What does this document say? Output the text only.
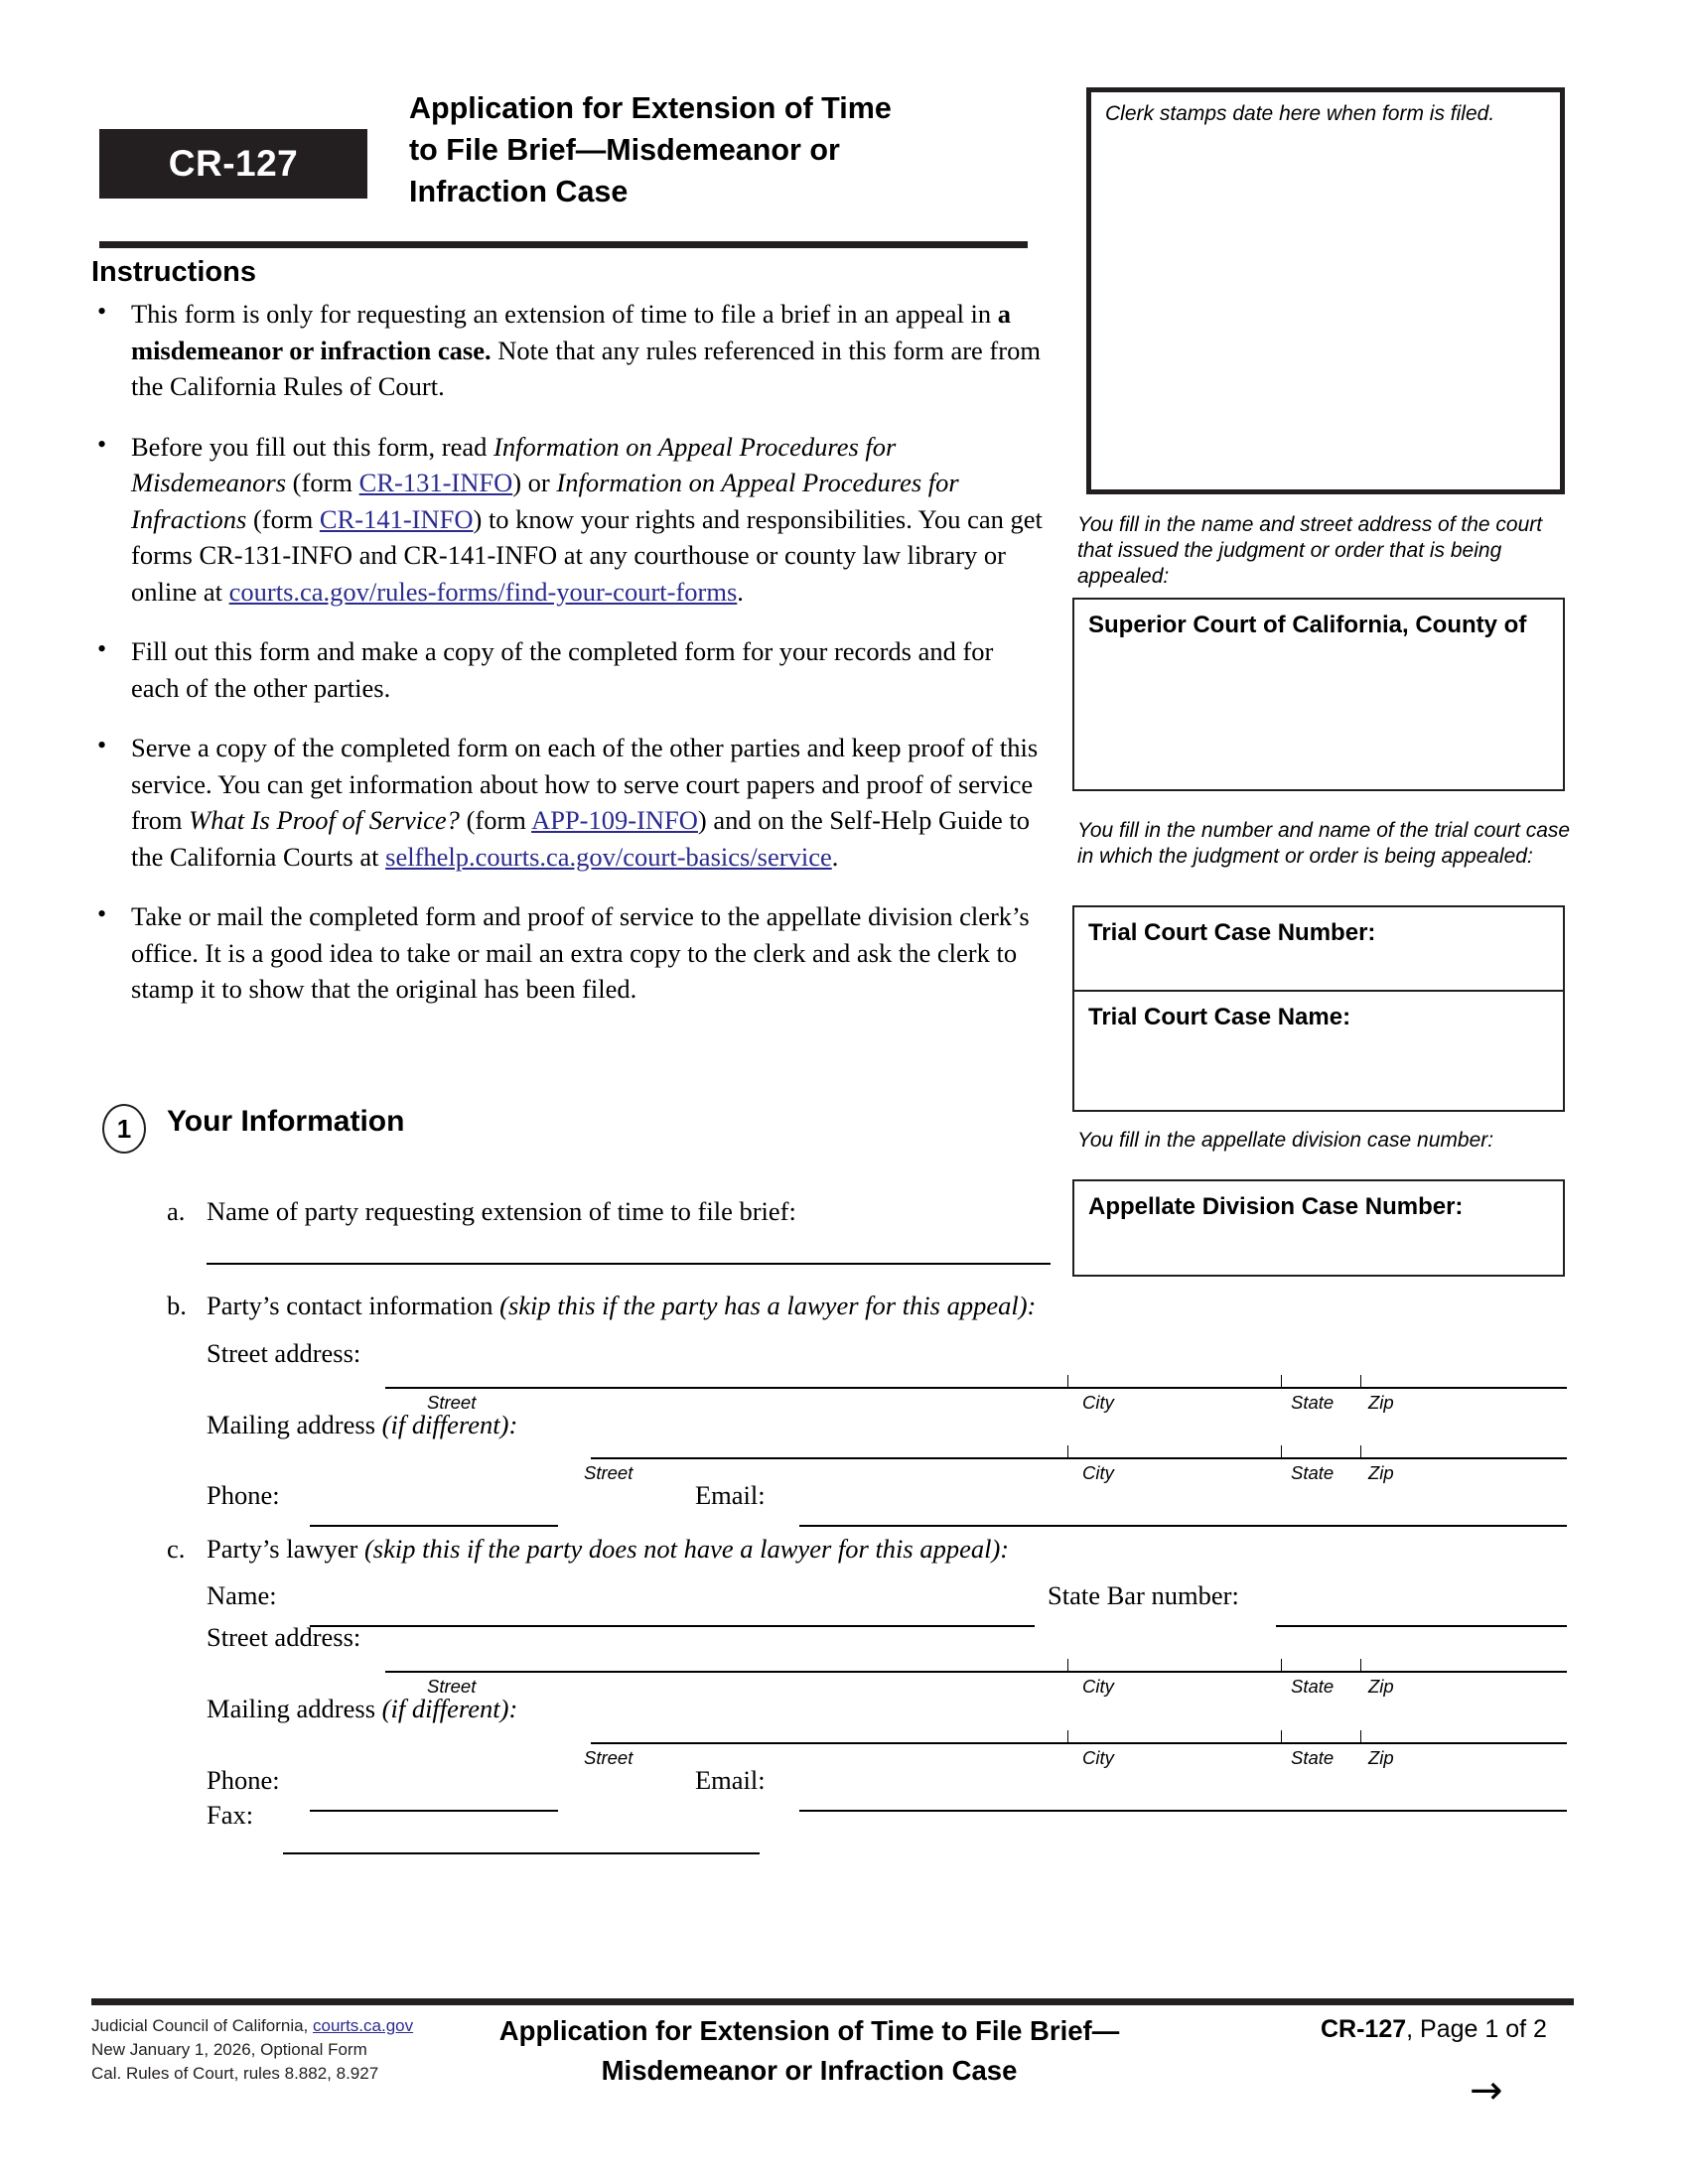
CR-127
Application for Extension of Time
to File Brief—Misdemeanor or
Infraction Case
Instructions
• This form is only for requesting an extension of time to file a brief in an appeal in a misdemeanor or infraction case. Note that any rules referenced in this form are from the California Rules of Court.
• Before you fill out this form, read Information on Appeal Procedures for Misdemeanors (form CR-131-INFO) or Information on Appeal Procedures for Infractions (form CR-141-INFO) to know your rights and responsibilities. You can get forms CR-131-INFO and CR-141-INFO at any courthouse or county law library or online at courts.ca.gov/rules-forms/find-your-court-forms.
• Fill out this form and make a copy of the completed form for your records and for each of the other parties.
• Serve a copy of the completed form on each of the other parties and keep proof of this service. You can get information about how to serve court papers and proof of service from What Is Proof of Service? (form APP-109-INFO) and on the Self-Help Guide to the California Courts at selfhelp.courts.ca.gov/court-basics/service.
• Take or mail the completed form and proof of service to the appellate division clerk’s office. It is a good idea to take or mail an extra copy to the clerk and ask the clerk to stamp it to show that the original has been filed.
Clerk stamps date here when form is filed.
You fill in the name and street address of the court that issued the judgment or order that is being appealed:
Superior Court of California, County of
You fill in the number and name of the trial court case in which the judgment or order is being appealed:
Trial Court Case Number:
Trial Court Case Name:
You fill in the appellate division case number:
Appellate Division Case Number:
1	Your Information
a. Name of party requesting extension of time to file brief:
b. Party’s contact information (skip this if the party has a lawyer for this appeal):
Street address:
Street	City	State Zip
Mailing address (if different):
Street	City	State Zip
Phone:	Email:
c. Party’s lawyer (skip this if the party does not have a lawyer for this appeal):
Name:	State Bar number:
Street address:
Street	City	State Zip
Mailing address (if different):
Street	City	State Zip
Phone:	Email:
Fax:
Judicial Council of California, courts.ca.gov
New January 1, 2026, Optional Form
Cal. Rules of Court, rules 8.882, 8.927
Application for Extension of Time to File Brief—
Misdemeanor or Infraction Case
CR-127, Page 1 of 2
→
